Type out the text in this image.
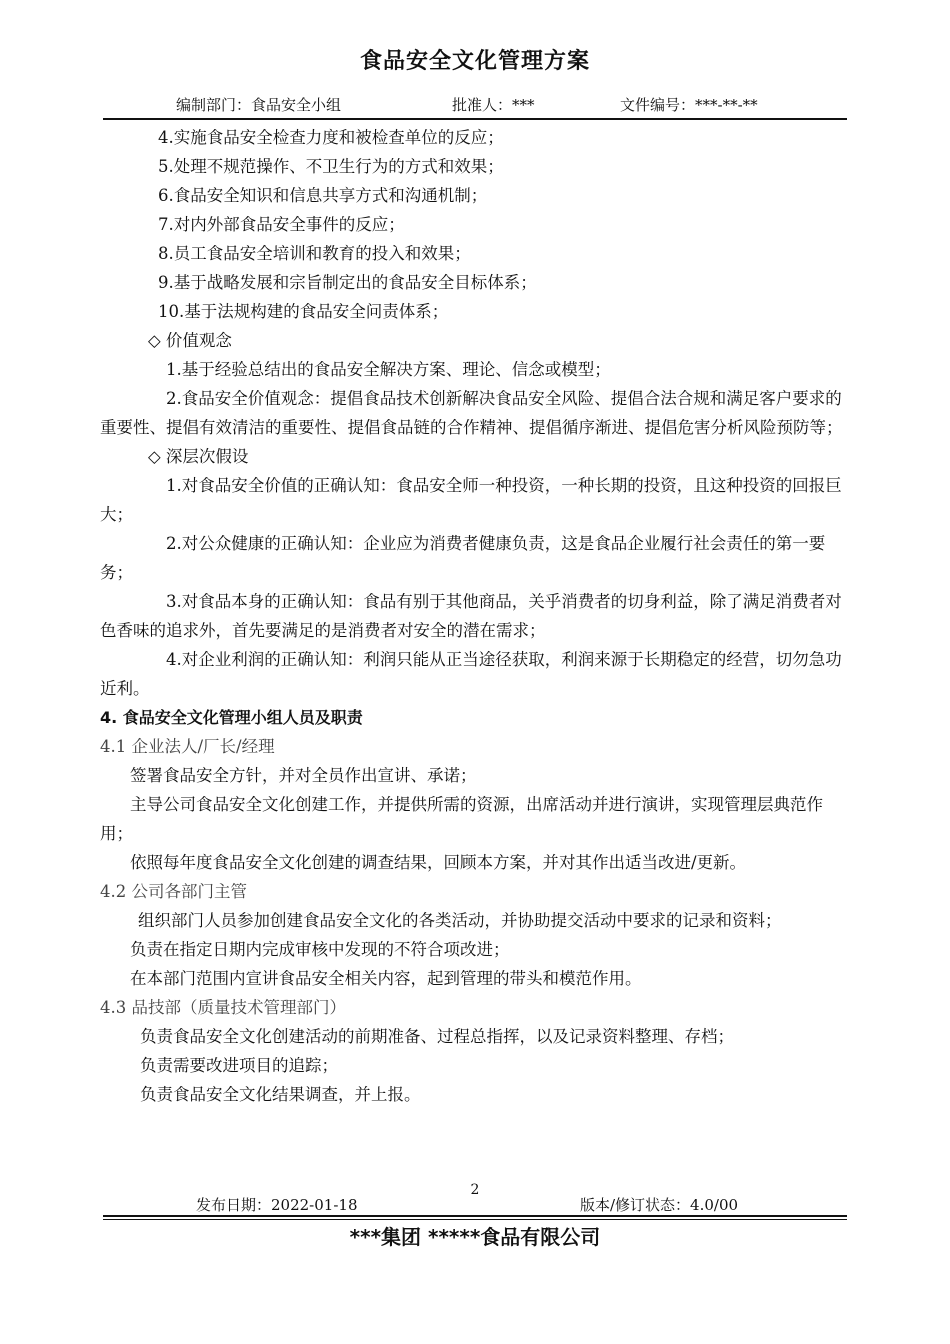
食品安全文化管理方案
编制部门：食品安全小组	批准人：***	文件编号：***-**-**

4.实施食品安全检查力度和被检查单位的反应；

5.处理不规范操作、不卫生行为的方式和效果；

6.食品安全知识和信息共享方式和沟通机制；

7.对内外部食品安全事件的反应；

8.员工食品安全培训和教育的投入和效果；

9.基于战略发展和宗旨制定出的食品安全目标体系；

10.基于法规构建的食品安全问责体系；

◇ 价值观念

1.基于经验总结出的食品安全解决方案、理论、信念或模型；

2.食品安全价值观念：提倡食品技术创新解决食品安全风险、提倡合法合规和满足客户要求的重要性、提倡有效清洁的重要性、提倡食品链的合作精神、提倡循序渐进、提倡危害分析风险预防等；

◇ 深层次假设

1.对食品安全价值的正确认知：食品安全师一种投资，一种长期的投资，且这种投资的回报巨大；

2.对公众健康的正确认知：企业应为消费者健康负责，这是食品企业履行社会责任的第一要务；

3.对食品本身的正确认知：食品有别于其他商品，关乎消费者的切身利益，除了满足消费者对色香味的追求外，首先要满足的是消费者对安全的潜在需求；

4.对企业利润的正确认知：利润只能从正当途径获取，利润来源于长期稳定的经营，切勿急功近利。

4. 食品安全文化管理小组人员及职责

4.1 企业法人/厂长/经理

签署食品安全方针，并对全员作出宣讲、承诺；

主导公司食品安全文化创建工作，并提供所需的资源，出席活动并进行演讲，实现管理层典范作用；

依照每年度食品安全文化创建的调查结果，回顾本方案，并对其作出适当改进/更新。

4.2 公司各部门主管

组织部门人员参加创建食品安全文化的各类活动，并协助提交活动中要求的记录和资料；

负责在指定日期内完成审核中发现的不符合项改进；

在本部门范围内宣讲食品安全相关内容，起到管理的带头和模范作用。

4.3 品技部（质量技术管理部门）

负责食品安全文化创建活动的前期准备、过程总指挥，以及记录资料整理、存档；

负责需要改进项目的追踪；

负责食品安全文化结果调查，并上报。

2
发布日期：2022-01-18	版本/修订状态：4.0/00
***集团 *****食品有限公司
